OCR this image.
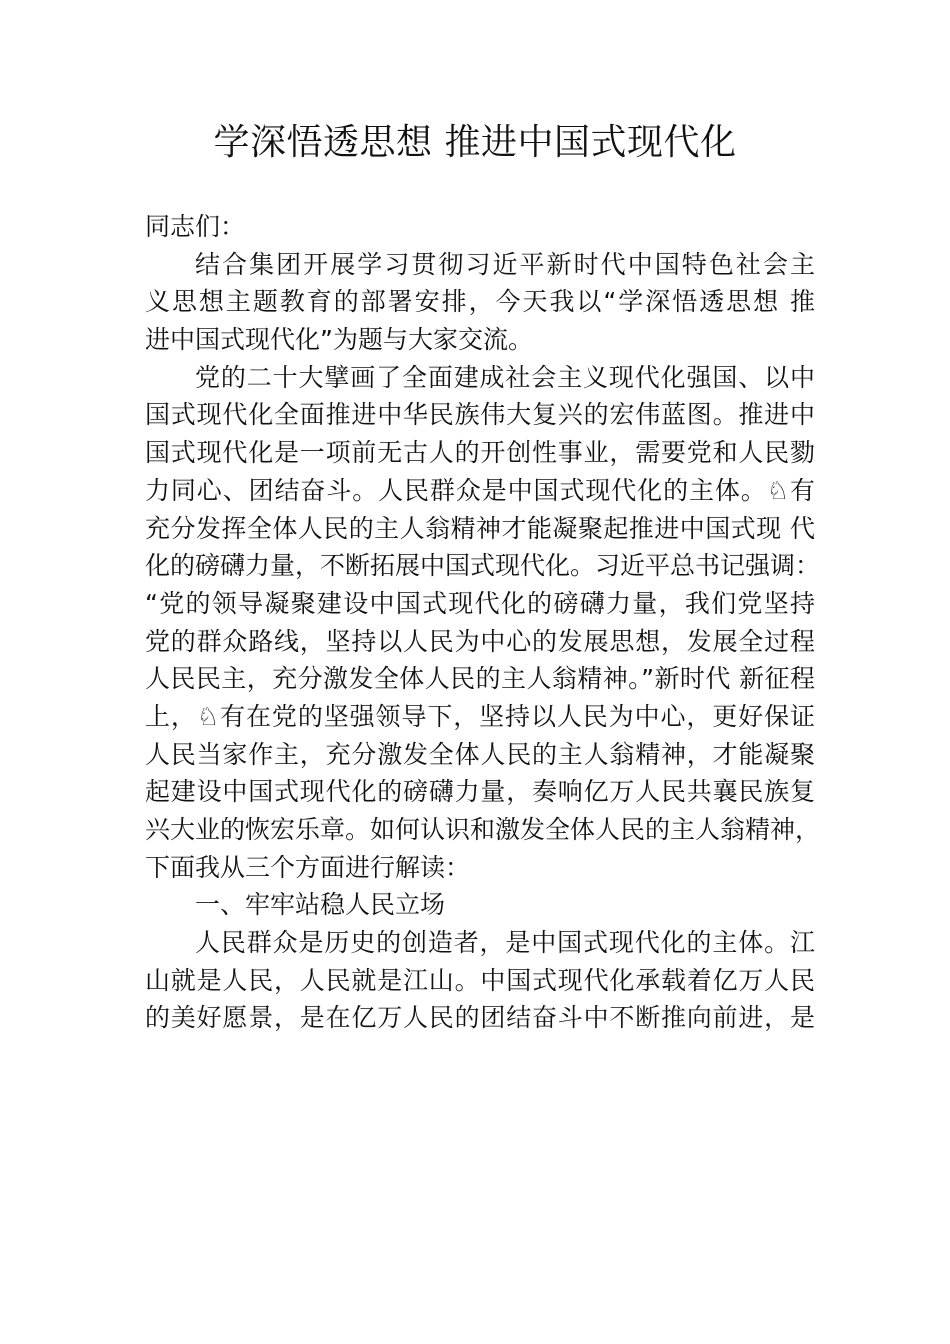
学深悟透思想 推进中国式现代化
同志们：
结合集团开展学习贯彻习近平新时代中国特色社会主
义思想主题教育的部署安排，今天我以“学深悟透思想 推
进中国式现代化”为题与大家交流。
党的二十大擘画了全面建成社会主义现代化强国、以中
国式现代化全面推进中华民族伟大复兴的宏伟蓝图。推进中
国式现代化是一项前无古人的开创性事业，需要党和人民勠
力同心、团结奋斗。人民群众是中国式现代化的主体。♘有
充分发挥全体人民的主人翁精神才能凝聚起推进中国式现 代
化的磅礴力量，不断拓展中国式现代化。习近平总书记强调：
“党的领导凝聚建设中国式现代化的磅礴力量，我们党坚持
党的群众路线，坚持以人民为中心的发展思想，发展全过程
人民民主，充分激发全体人民的主人翁精神。”新时代 新征程
上，♘有在党的坚强领导下，坚持以人民为中心，更好保证
人民当家作主，充分激发全体人民的主人翁精神，才能凝聚
起建设中国式现代化的磅礴力量，奏响亿万人民共襄民族复
兴大业的恢宏乐章。如何认识和激发全体人民的主人翁精神，
下面我从三个方面进行解读：
一、牢牢站稳人民立场
人民群众是历史的创造者，是中国式现代化的主体。江
山就是人民，人民就是江山。中国式现代化承载着亿万人民
的美好愿景，是在亿万人民的团结奋斗中不断推向前进，是
